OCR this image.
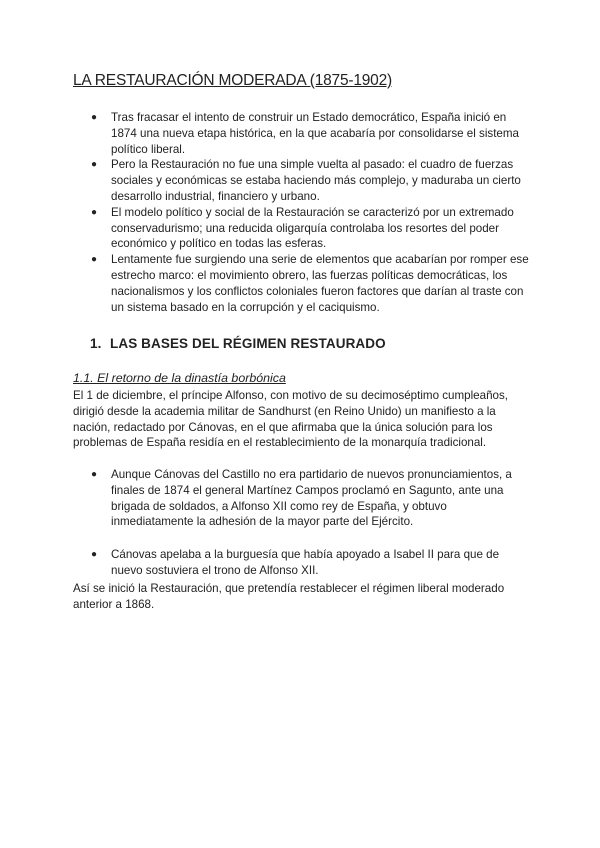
LA RESTAURACIÓN MODERADA (1875-1902)
● Tras fracasar el intento de construir un Estado democrático, España inició en 1874 una nueva etapa histórica, en la que acabaría por consolidarse el sistema político liberal.
● Pero la Restauración no fue una simple vuelta al pasado: el cuadro de fuerzas sociales y económicas se estaba haciendo más complejo, y maduraba un cierto desarrollo industrial, financiero y urbano.
● El modelo político y social de la Restauración se caracterizó por un extremado conservadurismo; una reducida oligarquía controlaba los resortes del poder económico y político en todas las esferas.
● Lentamente fue surgiendo una serie de elementos que acabarían por romper ese estrecho marco: el movimiento obrero, las fuerzas políticas democráticas, los nacionalismos y los conflictos coloniales fueron factores que darían al traste con un sistema basado en la corrupción y el caciquismo.
1. LAS BASES DEL RÉGIMEN RESTAURADO
1.1. El retorno de la dinastía borbónica

El 1 de diciembre, el príncipe Alfonso, con motivo de su decimoséptimo cumpleaños, dirigió desde la academia militar de Sandhurst (en Reino Unido) un manifiesto a la nación, redactado por Cánovas, en el que afirmaba que la única solución para los problemas de España residía en el restablecimiento de la monarquía tradicional.

● Aunque Cánovas del Castillo no era partidario de nuevos pronunciamientos, a finales de 1874 el general Martínez Campos proclamó en Sagunto, ante una brigada de soldados, a Alfonso XII como rey de España, y obtuvo inmediatamente la adhesión de la mayor parte del Ejército.
● Cánovas apelaba a la burguesía que había apoyado a Isabel II para que de nuevo sostuviera el trono de Alfonso XII.

Así se inició la Restauración, que pretendía restablecer el régimen liberal moderado anterior a 1868.
